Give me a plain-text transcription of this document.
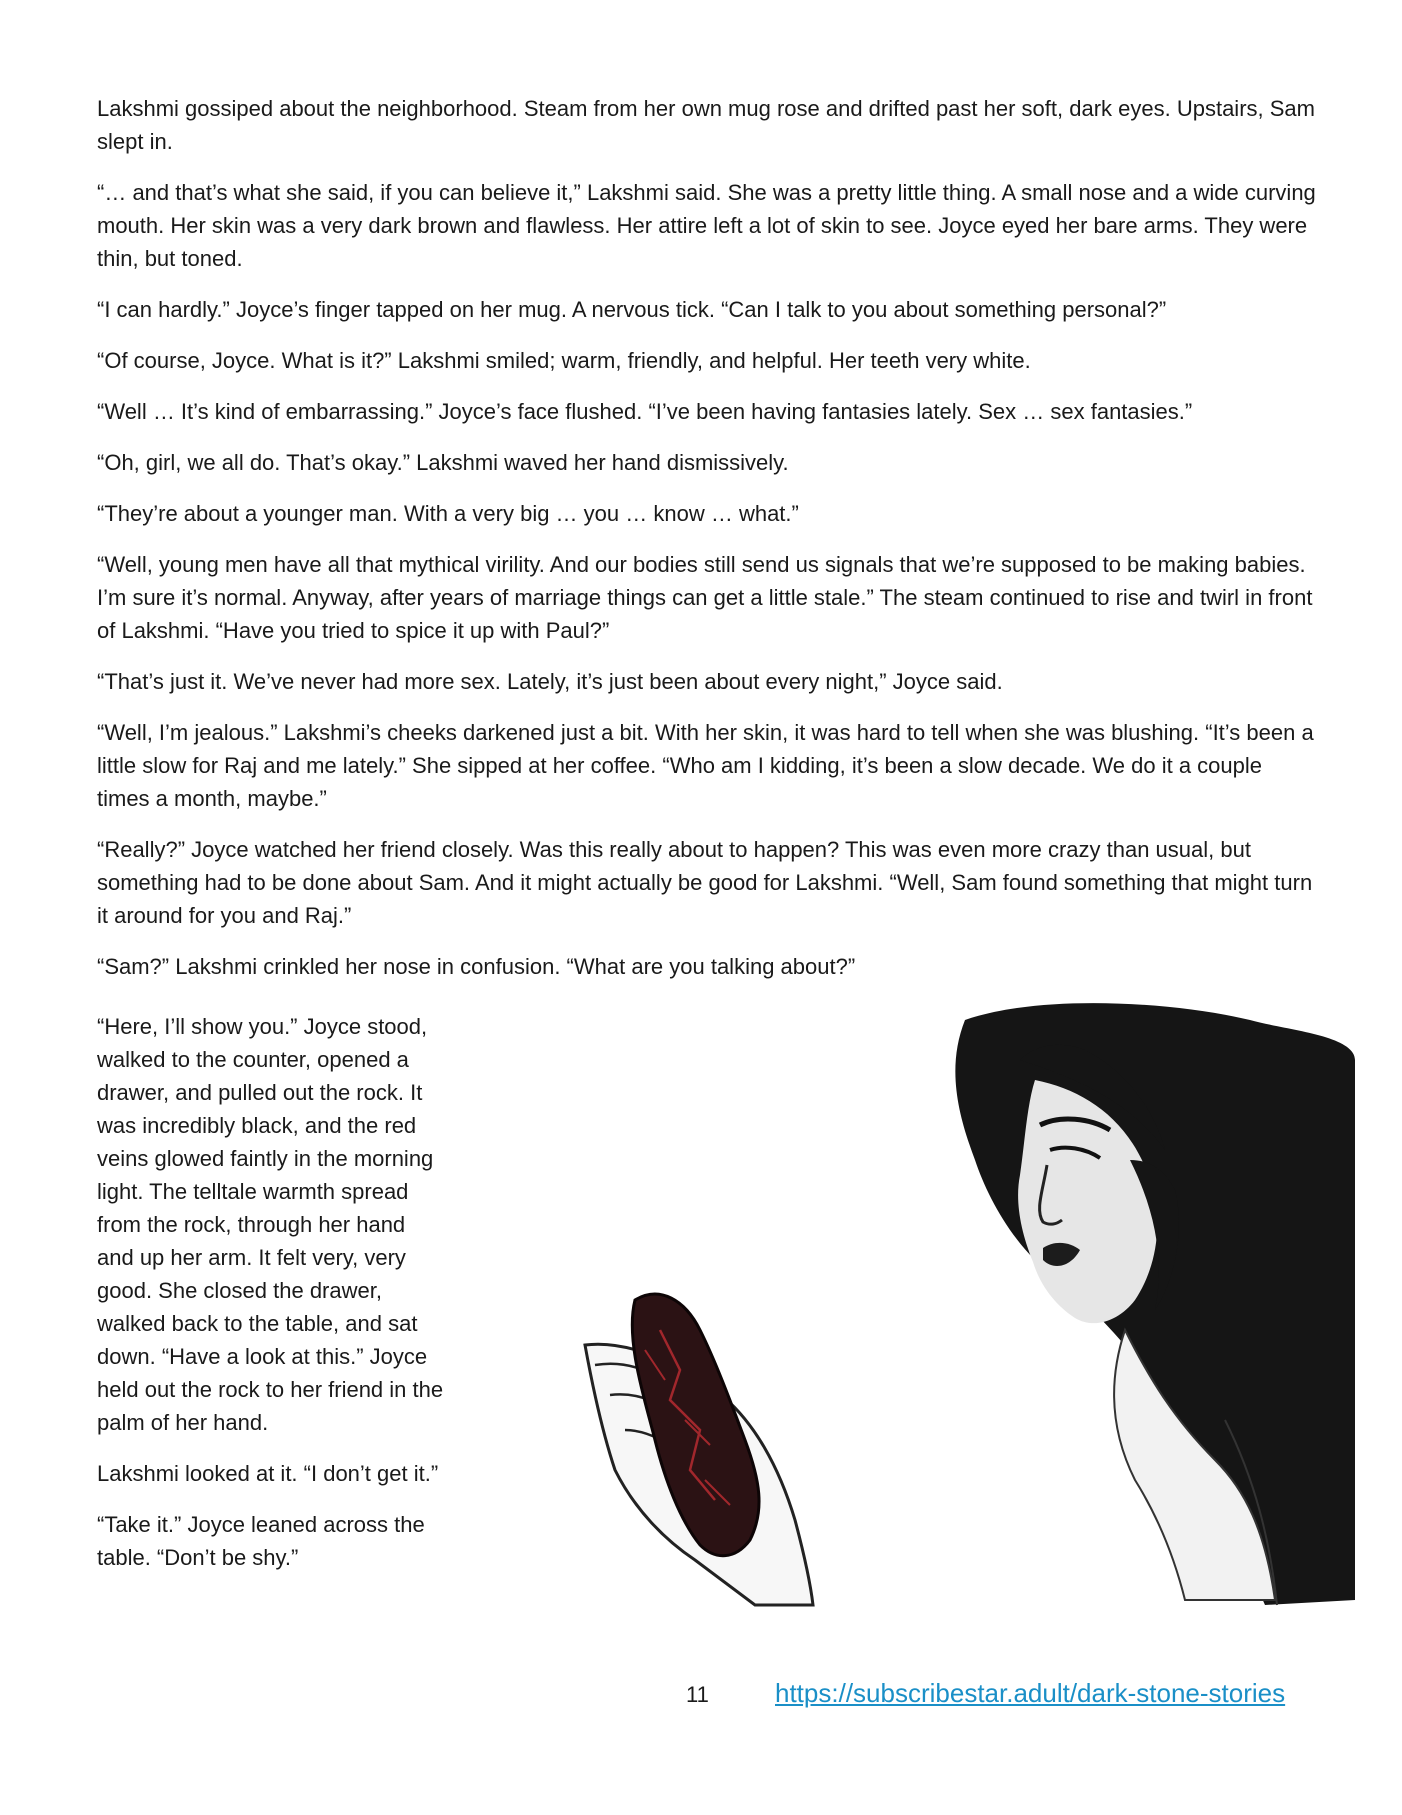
Lakshmi gossiped about the neighborhood. Steam from her own mug rose and drifted past her soft, dark eyes. Upstairs, Sam slept in.

“… and that’s what she said, if you can believe it,” Lakshmi said. She was a pretty little thing. A small nose and a wide curving mouth. Her skin was a very dark brown and flawless. Her attire left a lot of skin to see. Joyce eyed her bare arms. They were thin, but toned.

“I can hardly.” Joyce’s finger tapped on her mug. A nervous tick. “Can I talk to you about something personal?”

“Of course, Joyce. What is it?” Lakshmi smiled; warm, friendly, and helpful. Her teeth very white.

“Well … It’s kind of embarrassing.” Joyce’s face flushed. “I’ve been having fantasies lately. Sex … sex fantasies.”

“Oh, girl, we all do. That’s okay.” Lakshmi waved her hand dismissively.

“They’re about a younger man. With a very big … you … know … what.”

“Well, young men have all that mythical virility. And our bodies still send us signals that we’re supposed to be making babies. I’m sure it’s normal. Anyway, after years of marriage things can get a little stale.” The steam continued to rise and twirl in front of Lakshmi. “Have you tried to spice it up with Paul?”

“That’s just it. We’ve never had more sex. Lately, it’s just been about every night,” Joyce said.

“Well, I’m jealous.” Lakshmi’s cheeks darkened just a bit. With her skin, it was hard to tell when she was blushing. “It’s been a little slow for Raj and me lately.” She sipped at her coffee. “Who am I kidding, it’s been a slow decade. We do it a couple times a month, maybe.”

“Really?” Joyce watched her friend closely. Was this really about to happen? This was even more crazy than usual, but something had to be done about Sam. And it might actually be good for Lakshmi. “Well, Sam found something that might turn it around for you and Raj.”

“Sam?” Lakshmi crinkled her nose in confusion. “What are you talking about?”

“Here, I’ll show you.” Joyce stood, walked to the counter, opened a drawer, and pulled out the rock. It was incredibly black, and the red veins glowed faintly in the morning light. The telltale warmth spread from the rock, through her hand and up her arm. It felt very, very good. She closed the drawer, walked back to the table, and sat down. “Have a look at this.” Joyce held out the rock to her friend in the palm of her hand.

Lakshmi looked at it. “I don’t get it.”

“Take it.” Joyce leaned across the table. “Don’t be shy.”

11	https://subscribestar.adult/dark-stone-stories
